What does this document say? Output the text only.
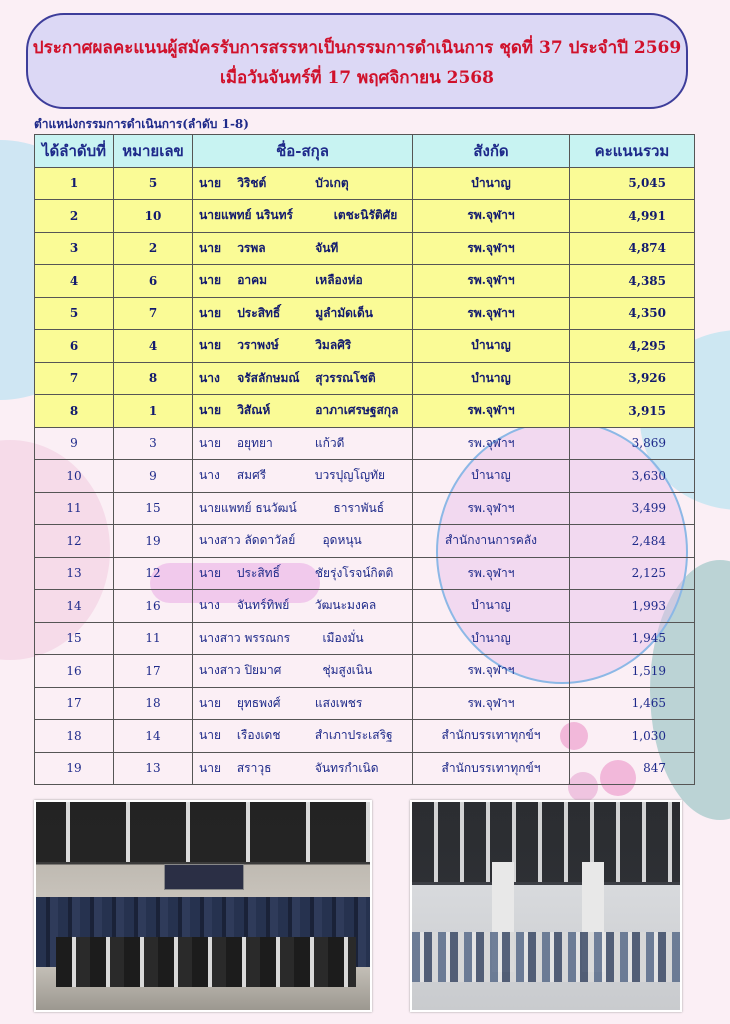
ประกาศผลคะแนนผู้สมัครรับการสรรหาเป็นกรรมการดำเนินการ ชุดที่ 37 ประจำปี 2569
เมื่อวันจันทร์ที่ 17 พฤศจิกายน 2568
ตำแหน่งกรรมการดำเนินการ(ลำดับ 1-8)
ได้ลำดับที่	หมายเลข	ชื่อ-สกุล	สังกัด	คะแนนรวม
1	5	นาย วิริชต์ บัวเกตุ	บำนาญ	5,045
2	10	นายแพทย์ นรินทร์ เตชะนิรัติศัย	รพ.จุฬาฯ	4,991
3	2	นาย วรพล จันที	รพ.จุฬาฯ	4,874
4	6	นาย อาคม เหลืองห่อ	รพ.จุฬาฯ	4,385
5	7	นาย ประสิทธิ์ มูลำมัดเด็น	รพ.จุฬาฯ	4,350
6	4	นาย วราพงษ์ วิมลศิริ	บำนาญ	4,295
7	8	นาง จรัสลักษมณ์ สุวรรณโชติ	บำนาญ	3,926
8	1	นาย วิสัณห์ อาภาเศรษฐสกุล	รพ.จุฬาฯ	3,915
9	3	นาย อยุทยา แก้วดี	รพ.จุฬาฯ	3,869
10	9	นาง สมศรี บวรปุญโญทัย	บำนาญ	3,630
11	15	นายแพทย์ ธนวัฒน์ ธาราพันธ์	รพ.จุฬาฯ	3,499
12	19	นางสาว ลัดดาวัลย์ อุดหนุน	สำนักงานการคลัง	2,484
13	12	นาย ประสิทธิ์ ชัยรุ่งโรจน์กิตติ	รพ.จุฬาฯ	2,125
14	16	นาง จันทร์ทิพย์ วัฒนะมงคล	บำนาญ	1,993
15	11	นางสาว พรรณกร เมืองมั่น	บำนาญ	1,945
16	17	นางสาว ปิยมาศ ชุ่มสูงเนิน	รพ.จุฬาฯ	1,519
17	18	นาย ยุทธพงศ์ แสงเพชร	รพ.จุฬาฯ	1,465
18	14	นาย เรืองเดช สำเภาประเสริฐ	สำนักบรรเทาทุกข์ฯ	1,030
19	13	นาย สราวุธ จันทรกำเนิด	สำนักบรรเทาทุกข์ฯ	847
